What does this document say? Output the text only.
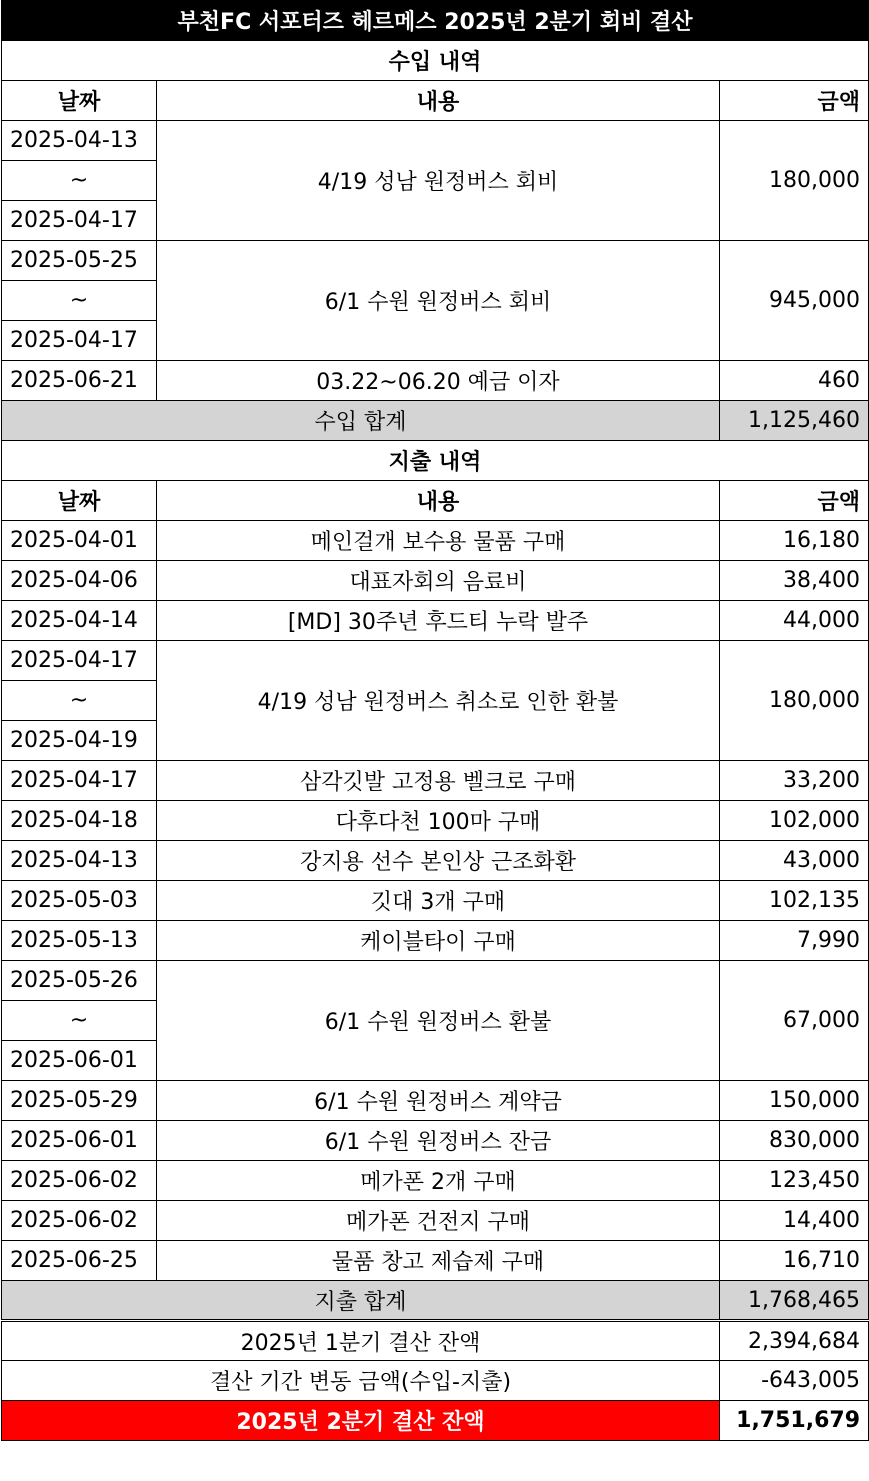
부천FC 서포터즈 헤르메스 2025년 2분기 회비 결산		
수입 내역		
날짜	내용	금액
2025-04-13	4/19 성남 원정버스 회비	180,000
~		
2025-04-17		
2025-05-25	6/1 수원 원정버스 회비	945,000
~		
2025-04-17		
2025-06-21	03.22~06.20 예금 이자	460
수입 합계		1,125,460
지출 내역		
날짜	내용	금액
2025-04-01	메인걸개 보수용 물품 구매	16,180
2025-04-06	대표자회의 음료비	38,400
2025-04-14	[MD] 30주년 후드티 누락 발주	44,000
2025-04-17	4/19 성남 원정버스 취소로 인한 환불	180,000
~		
2025-04-19		
2025-04-17	삼각깃발 고정용 벨크로 구매	33,200
2025-04-18	다후다천 100마 구매	102,000
2025-04-13	강지용 선수 본인상 근조화환	43,000
2025-05-03	깃대 3개 구매	102,135
2025-05-13	케이블타이 구매	7,990
2025-05-26	6/1 수원 원정버스 환불	67,000
~		
2025-06-01		
2025-05-29	6/1 수원 원정버스 계약금	150,000
2025-06-01	6/1 수원 원정버스 잔금	830,000
2025-06-02	메가폰 2개 구매	123,450
2025-06-02	메가폰 건전지 구매	14,400
2025-06-25	물품 창고 제습제 구매	16,710
지출 합계		1,768,465
2025년 1분기 결산 잔액		2,394,684
결산 기간 변동 금액(수입-지출)		-643,005
2025년 2분기 결산 잔액		1,751,679
